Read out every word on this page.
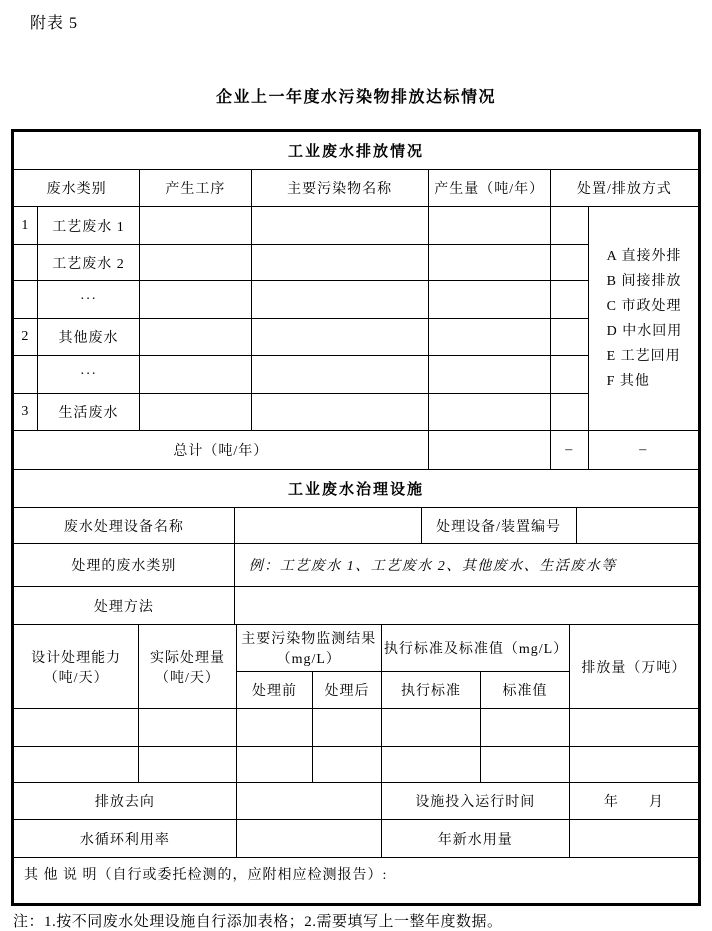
附表 5
企业上一年度水污染物排放达标情况
工业废水排放情况						
废水类别		产生工序	主要污染物名称	产生量（吨/年）	处置/排放方式	
1	工艺废水 1					
A 直接外排
B 间接排放
C 市政处理
D 中水回用
E 工艺回用
F 其他

	工艺废水 2					
	···					
2	其他废水					
	···					
3	生活废水					
总计（吨/年）					–	–
工业废水治理设施			
废水处理设备名称		处理设备/装置编号	
处理的废水类别	例：工艺废水 1、工艺废水 2、其他废水、生活废水等		
处理方法			
设计处理能力（吨/天）	实际处理量（吨/天）	主要污染物监测结果（mg/L）		执行标准及标准值（mg/L）		排放量（万吨）
		处理前	处理后	执行标准	标准值	

排放去向		设施投入运行时间	年　　月
水循环利用率		年新水用量	
其 他 说 明（自行或委托检测的，应附相应检测报告）:
注：1.按不同废水处理设施自行添加表格；2.需要填写上一整年度数据。
